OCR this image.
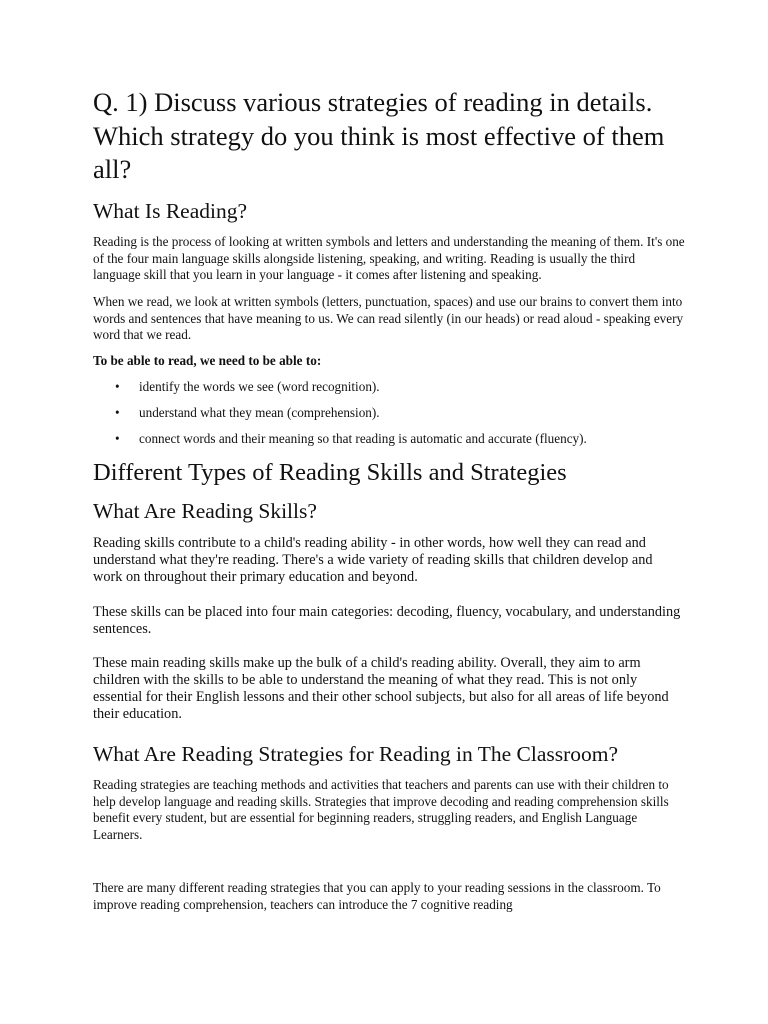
Q. 1) Discuss various strategies of reading in details. Which strategy do you think is most effective of them all?
What Is Reading?

Reading is the process of looking at written symbols and letters and understanding the meaning of them. It's one of the four main language skills alongside listening, speaking, and writing. Reading is usually the third language skill that you learn in your language - it comes after listening and speaking.

When we read, we look at written symbols (letters, punctuation, spaces) and use our brains to convert them into words and sentences that have meaning to us. We can read silently (in our heads) or read aloud - speaking every word that we read.

To be able to read, we need to be able to:

• identify the words we see (word recognition).
• understand what they mean (comprehension).
• connect words and their meaning so that reading is automatic and accurate (fluency).
Different Types of Reading Skills and Strategies
What Are Reading Skills?

Reading skills contribute to a child's reading ability - in other words, how well they can read and understand what they're reading. There's a wide variety of reading skills that children develop and work on throughout their primary education and beyond.

These skills can be placed into four main categories: decoding, fluency, vocabulary, and understanding sentences.

These main reading skills make up the bulk of a child's reading ability. Overall, they aim to arm children with the skills to be able to understand the meaning of what they read. This is not only essential for their English lessons and their other school subjects, but also for all areas of life beyond their education.

What Are Reading Strategies for Reading in The Classroom?

Reading strategies are teaching methods and activities that teachers and parents can use with their children to help develop language and reading skills. Strategies that improve decoding and reading comprehension skills benefit every student, but are essential for beginning readers, struggling readers, and English Language Learners.

There are many different reading strategies that you can apply to your reading sessions in the classroom. To improve reading comprehension, teachers can introduce the 7 cognitive reading
